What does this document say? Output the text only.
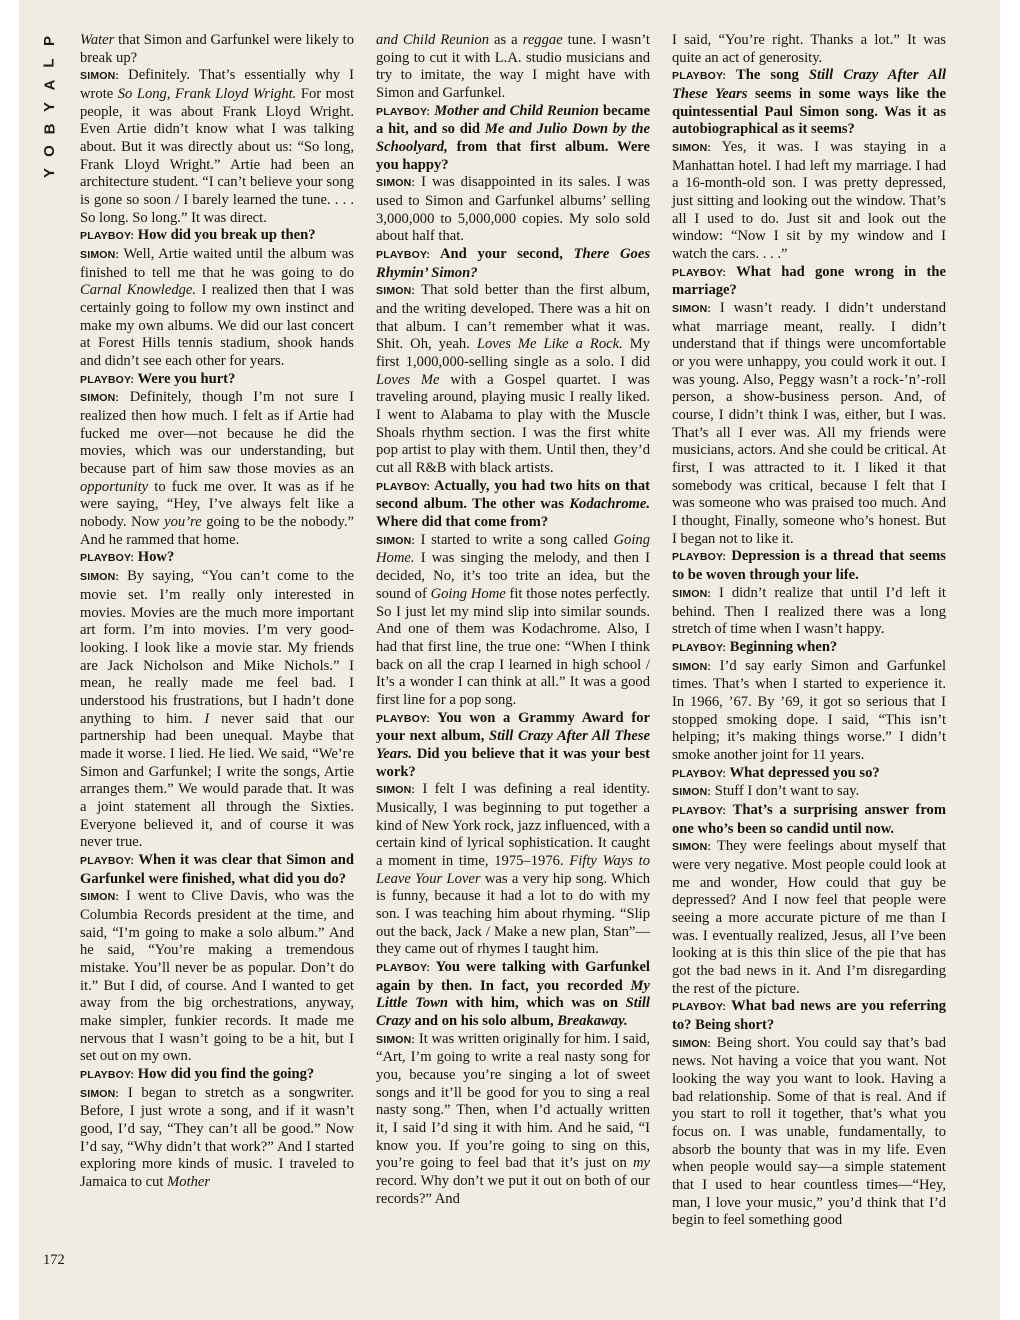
P
L
A
Y
B
O
Y

Water that Simon and Garfunkel were likely to break up?

SIMON: Definitely. That’s essentially why I wrote So Long, Frank Lloyd Wright. For most people, it was about Frank Lloyd Wright. Even Artie didn’t know what I was talking about. But it was directly about us: “So long, Frank Lloyd Wright.” Artie had been an architecture student. “I can’t believe your song is gone so soon / I barely learned the tune. . . . So long. So long.” It was direct.

PLAYBOY: How did you break up then?

SIMON: Well, Artie waited until the album was finished to tell me that he was going to do Carnal Knowledge. I realized then that I was certainly going to follow my own instinct and make my own albums. We did our last concert at Forest Hills tennis stadium, shook hands and didn’t see each other for years.

PLAYBOY: Were you hurt?

SIMON: Definitely, though I’m not sure I realized then how much. I felt as if Artie had fucked me over—not because he did the movies, which was our understanding, but because part of him saw those movies as an opportunity to fuck me over. It was as if he were saying, “Hey, I’ve always felt like a nobody. Now you’re going to be the nobody.” And he rammed that home.

PLAYBOY: How?

SIMON: By saying, “You can’t come to the movie set. I’m really only interested in movies. Movies are the much more important art form. I’m into movies. I’m very good-looking. I look like a movie star. My friends are Jack Nicholson and Mike Nichols.” I mean, he really made me feel bad. I understood his frustrations, but I hadn’t done anything to him. I never said that our partnership had been unequal. Maybe that made it worse. I lied. He lied. We said, “We’re Simon and Garfunkel; I write the songs, Artie arranges them.” We would parade that. It was a joint statement all through the Sixties. Everyone believed it, and of course it was never true.

PLAYBOY: When it was clear that Simon and Garfunkel were finished, what did you do?

SIMON: I went to Clive Davis, who was the Columbia Records president at the time, and said, “I’m going to make a solo album.” And he said, “You’re making a tremendous mistake. You’ll never be as popular. Don’t do it.” But I did, of course. And I wanted to get away from the big orchestrations, anyway, make simpler, funkier records. It made me nervous that I wasn’t going to be a hit, but I set out on my own.

PLAYBOY: How did you find the going?

SIMON: I began to stretch as a songwriter. Before, I just wrote a song, and if it wasn’t good, I’d say, “They can’t all be good.” Now I’d say, “Why didn’t that work?” And I started exploring more kinds of music. I traveled to Jamaica to cut Mother

and Child Reunion as a reggae tune. I wasn’t going to cut it with L.A. studio musicians and try to imitate, the way I might have with Simon and Garfunkel.

PLAYBOY: Mother and Child Reunion became a hit, and so did Me and Julio Down by the Schoolyard, from that first album. Were you happy?

SIMON: I was disappointed in its sales. I was used to Simon and Garfunkel albums’ selling 3,000,000 to 5,000,000 copies. My solo sold about half that.

PLAYBOY: And your second, There Goes Rhymin’ Simon?

SIMON: That sold better than the first album, and the writing developed. There was a hit on that album. I can’t remember what it was. Shit. Oh, yeah. Loves Me Like a Rock. My first 1,000,000-selling single as a solo. I did Loves Me with a Gospel quartet. I was traveling around, playing music I really liked. I went to Alabama to play with the Muscle Shoals rhythm section. I was the first white pop artist to play with them. Until then, they’d cut all R&B with black artists.

PLAYBOY: Actually, you had two hits on that second album. The other was Kodachrome. Where did that come from?

SIMON: I started to write a song called Going Home. I was singing the melody, and then I decided, No, it’s too trite an idea, but the sound of Going Home fit those notes perfectly. So I just let my mind slip into similar sounds. And one of them was Kodachrome. Also, I had that first line, the true one: “When I think back on all the crap I learned in high school / It’s a wonder I can think at all.” It was a good first line for a pop song.

PLAYBOY: You won a Grammy Award for your next album, Still Crazy After All These Years. Did you believe that it was your best work?

SIMON: I felt I was defining a real identity. Musically, I was beginning to put together a kind of New York rock, jazz influenced, with a certain kind of lyrical sophistication. It caught a moment in time, 1975–1976. Fifty Ways to Leave Your Lover was a very hip song. Which is funny, because it had a lot to do with my son. I was teaching him about rhyming. “Slip out the back, Jack / Make a new plan, Stan”—they came out of rhymes I taught him.

PLAYBOY: You were talking with Garfunkel again by then. In fact, you recorded My Little Town with him, which was on Still Crazy and on his solo album, Breakaway.

SIMON: It was written originally for him. I said, “Art, I’m going to write a real nasty song for you, because you’re singing a lot of sweet songs and it’ll be good for you to sing a real nasty song.” Then, when I’d actually written it, I said I’d sing it with him. And he said, “I know you. If you’re going to sing on this, you’re going to feel bad that it’s just on my record. Why don’t we put it out on both of our records?” And

I said, “You’re right. Thanks a lot.” It was quite an act of generosity.

PLAYBOY: The song Still Crazy After All These Years seems in some ways like the quintessential Paul Simon song. Was it as autobiographical as it seems?

SIMON: Yes, it was. I was staying in a Manhattan hotel. I had left my marriage. I had a 16-month-old son. I was pretty depressed, just sitting and looking out the window. That’s all I used to do. Just sit and look out the window: “Now I sit by my window and I watch the cars. . . .”

PLAYBOY: What had gone wrong in the marriage?

SIMON: I wasn’t ready. I didn’t understand what marriage meant, really. I didn’t understand that if things were uncomfortable or you were unhappy, you could work it out. I was young. Also, Peggy wasn’t a rock-’n’-roll person, a show-business person. And, of course, I didn’t think I was, either, but I was. That’s all I ever was. All my friends were musicians, actors. And she could be critical. At first, I was attracted to it. I liked it that somebody was critical, because I felt that I was someone who was praised too much. And I thought, Finally, someone who’s honest. But I began not to like it.

PLAYBOY: Depression is a thread that seems to be woven through your life.

SIMON: I didn’t realize that until I’d left it behind. Then I realized there was a long stretch of time when I wasn’t happy.

PLAYBOY: Beginning when?

SIMON: I’d say early Simon and Garfunkel times. That’s when I started to experience it. In 1966, ’67. By ’69, it got so serious that I stopped smoking dope. I said, “This isn’t helping; it’s making things worse.” I didn’t smoke another joint for 11 years.

PLAYBOY: What depressed you so?

SIMON: Stuff I don’t want to say.

PLAYBOY: That’s a surprising answer from one who’s been so candid until now.

SIMON: They were feelings about myself that were very negative. Most people could look at me and wonder, How could that guy be depressed? And I now feel that people were seeing a more accurate picture of me than I was. I eventually realized, Jesus, all I’ve been looking at is this thin slice of the pie that has got the bad news in it. And I’m disregarding the rest of the picture.

PLAYBOY: What bad news are you referring to? Being short?

SIMON: Being short. You could say that’s bad news. Not having a voice that you want. Not looking the way you want to look. Having a bad relationship. Some of that is real. And if you start to roll it together, that’s what you focus on. I was unable, fundamentally, to absorb the bounty that was in my life. Even when people would say—a simple statement that I used to hear countless times—“Hey, man, I love your music,” you’d think that I’d begin to feel something good

172
